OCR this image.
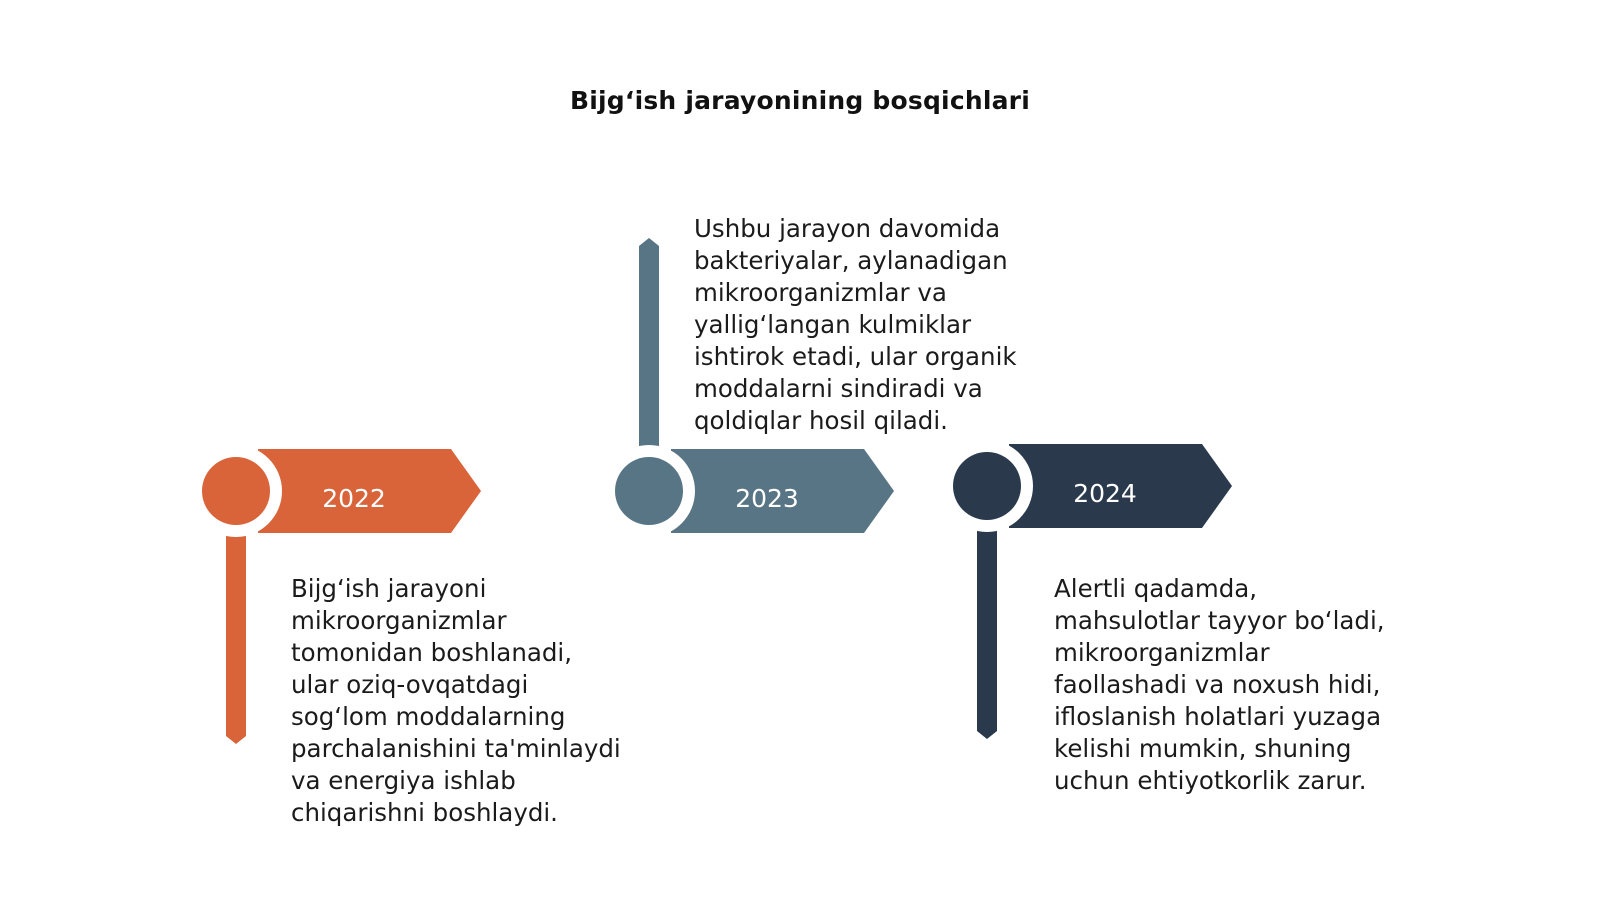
Bijg‘ish jarayonining bosqichlari
2022	2023	2024
Bijg‘ish jarayoni
mikroorganizmlar
tomonidan boshlanadi,
ular oziq-ovqatdagi
sog‘lom moddalarning
parchalanishini ta'minlaydi
va energiya ishlab
chiqarishni boshlaydi.
Ushbu jarayon davomida
bakteriyalar, aylanadigan
mikroorganizmlar va
yallig‘langan kulmiklar
ishtirok etadi, ular organik
moddalarni sindiradi va
qoldiqlar hosil qiladi.
Alertli qadamda,
mahsulotlar tayyor bo‘ladi,
mikroorganizmlar
faollashadi va noxush hidi,
ifloslanish holatlari yuzaga
kelishi mumkin, shuning
uchun ehtiyotkorlik zarur.
